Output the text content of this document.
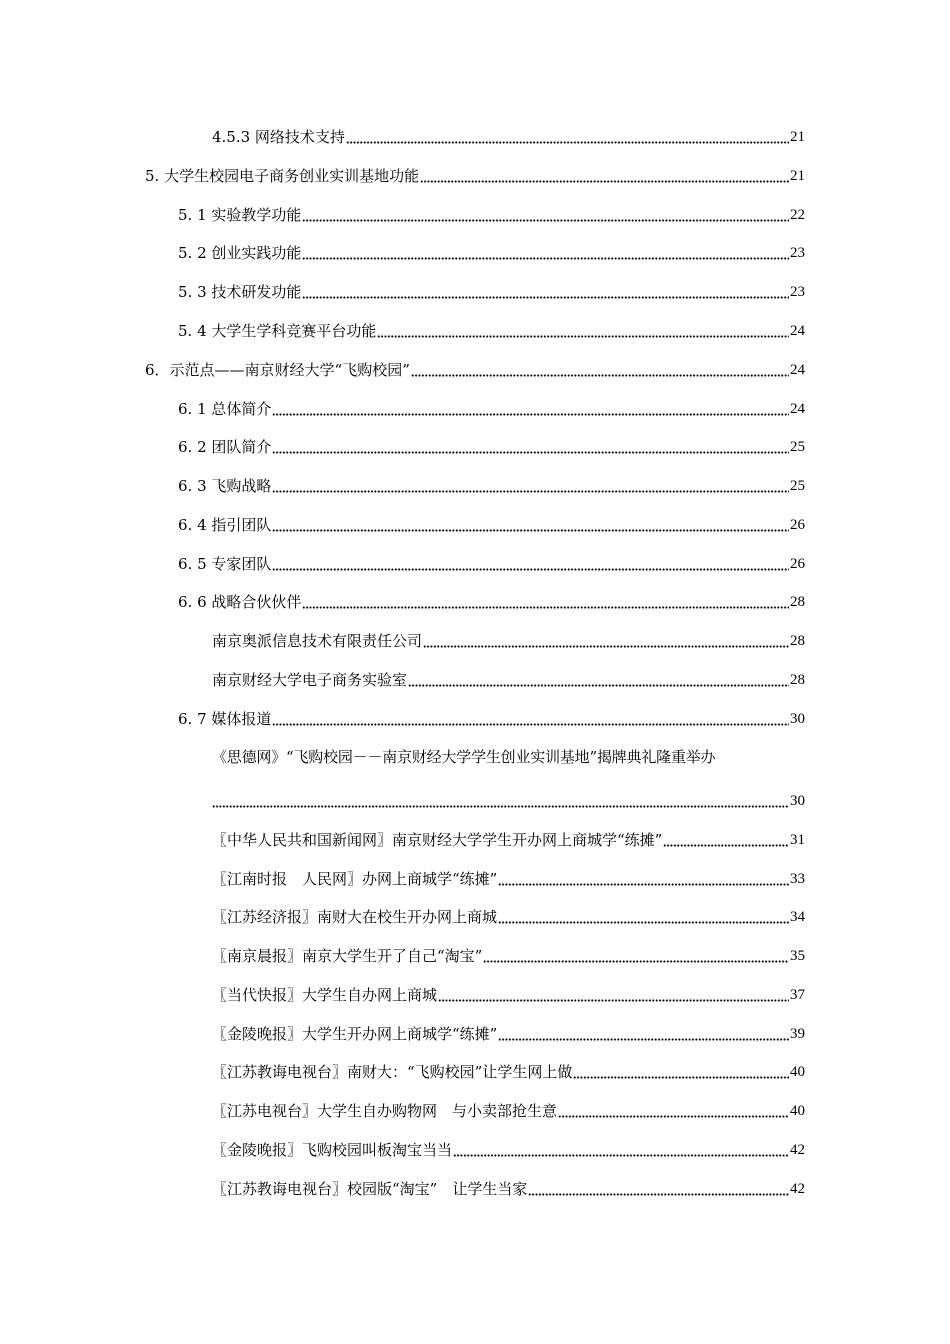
4.5.3 网络技术支持	21
5. 大学生校园电子商务创业实训基地功能	21
5. 1 实验教学功能	22
5. 2 创业实践功能	23
5. 3 技术研发功能	23
5. 4 大学生学科竞赛平台功能	24
6．示范点——南京财经大学“飞购校园”	24
6. 1 总体简介	24
6. 2 团队简介	25
6. 3 飞购战略	25
6. 4 指引团队	26
6. 5 专家团队	26
6. 6 战略合伙伙伴	28
南京奥派信息技术有限责任公司	28
南京财经大学电子商务实验室	28
6. 7 媒体报道	30
《思德网》“飞购校园－－南京财经大学学生创业实训基地”揭牌典礼隆重举办
30
〖中华人民共和国新闻网〗南京财经大学学生开办网上商城学“练摊”	31
〖江南时报　人民网〗办网上商城学“练摊”	33
〖江苏经济报〗南财大在校生开办网上商城	34
〖南京晨报〗南京大学生开了自己“淘宝”	35
〖当代快报〗大学生自办网上商城	37
〖金陵晚报〗大学生开办网上商城学“练摊”	39
〖江苏教诲电视台〗南财大：“飞购校园”让学生网上做	40
〖江苏电视台〗大学生自办购物网　与小卖部抢生意	40
〖金陵晚报〗飞购校园叫板淘宝当当	42
〖江苏教诲电视台〗校园版“淘宝”　让学生当家	42
